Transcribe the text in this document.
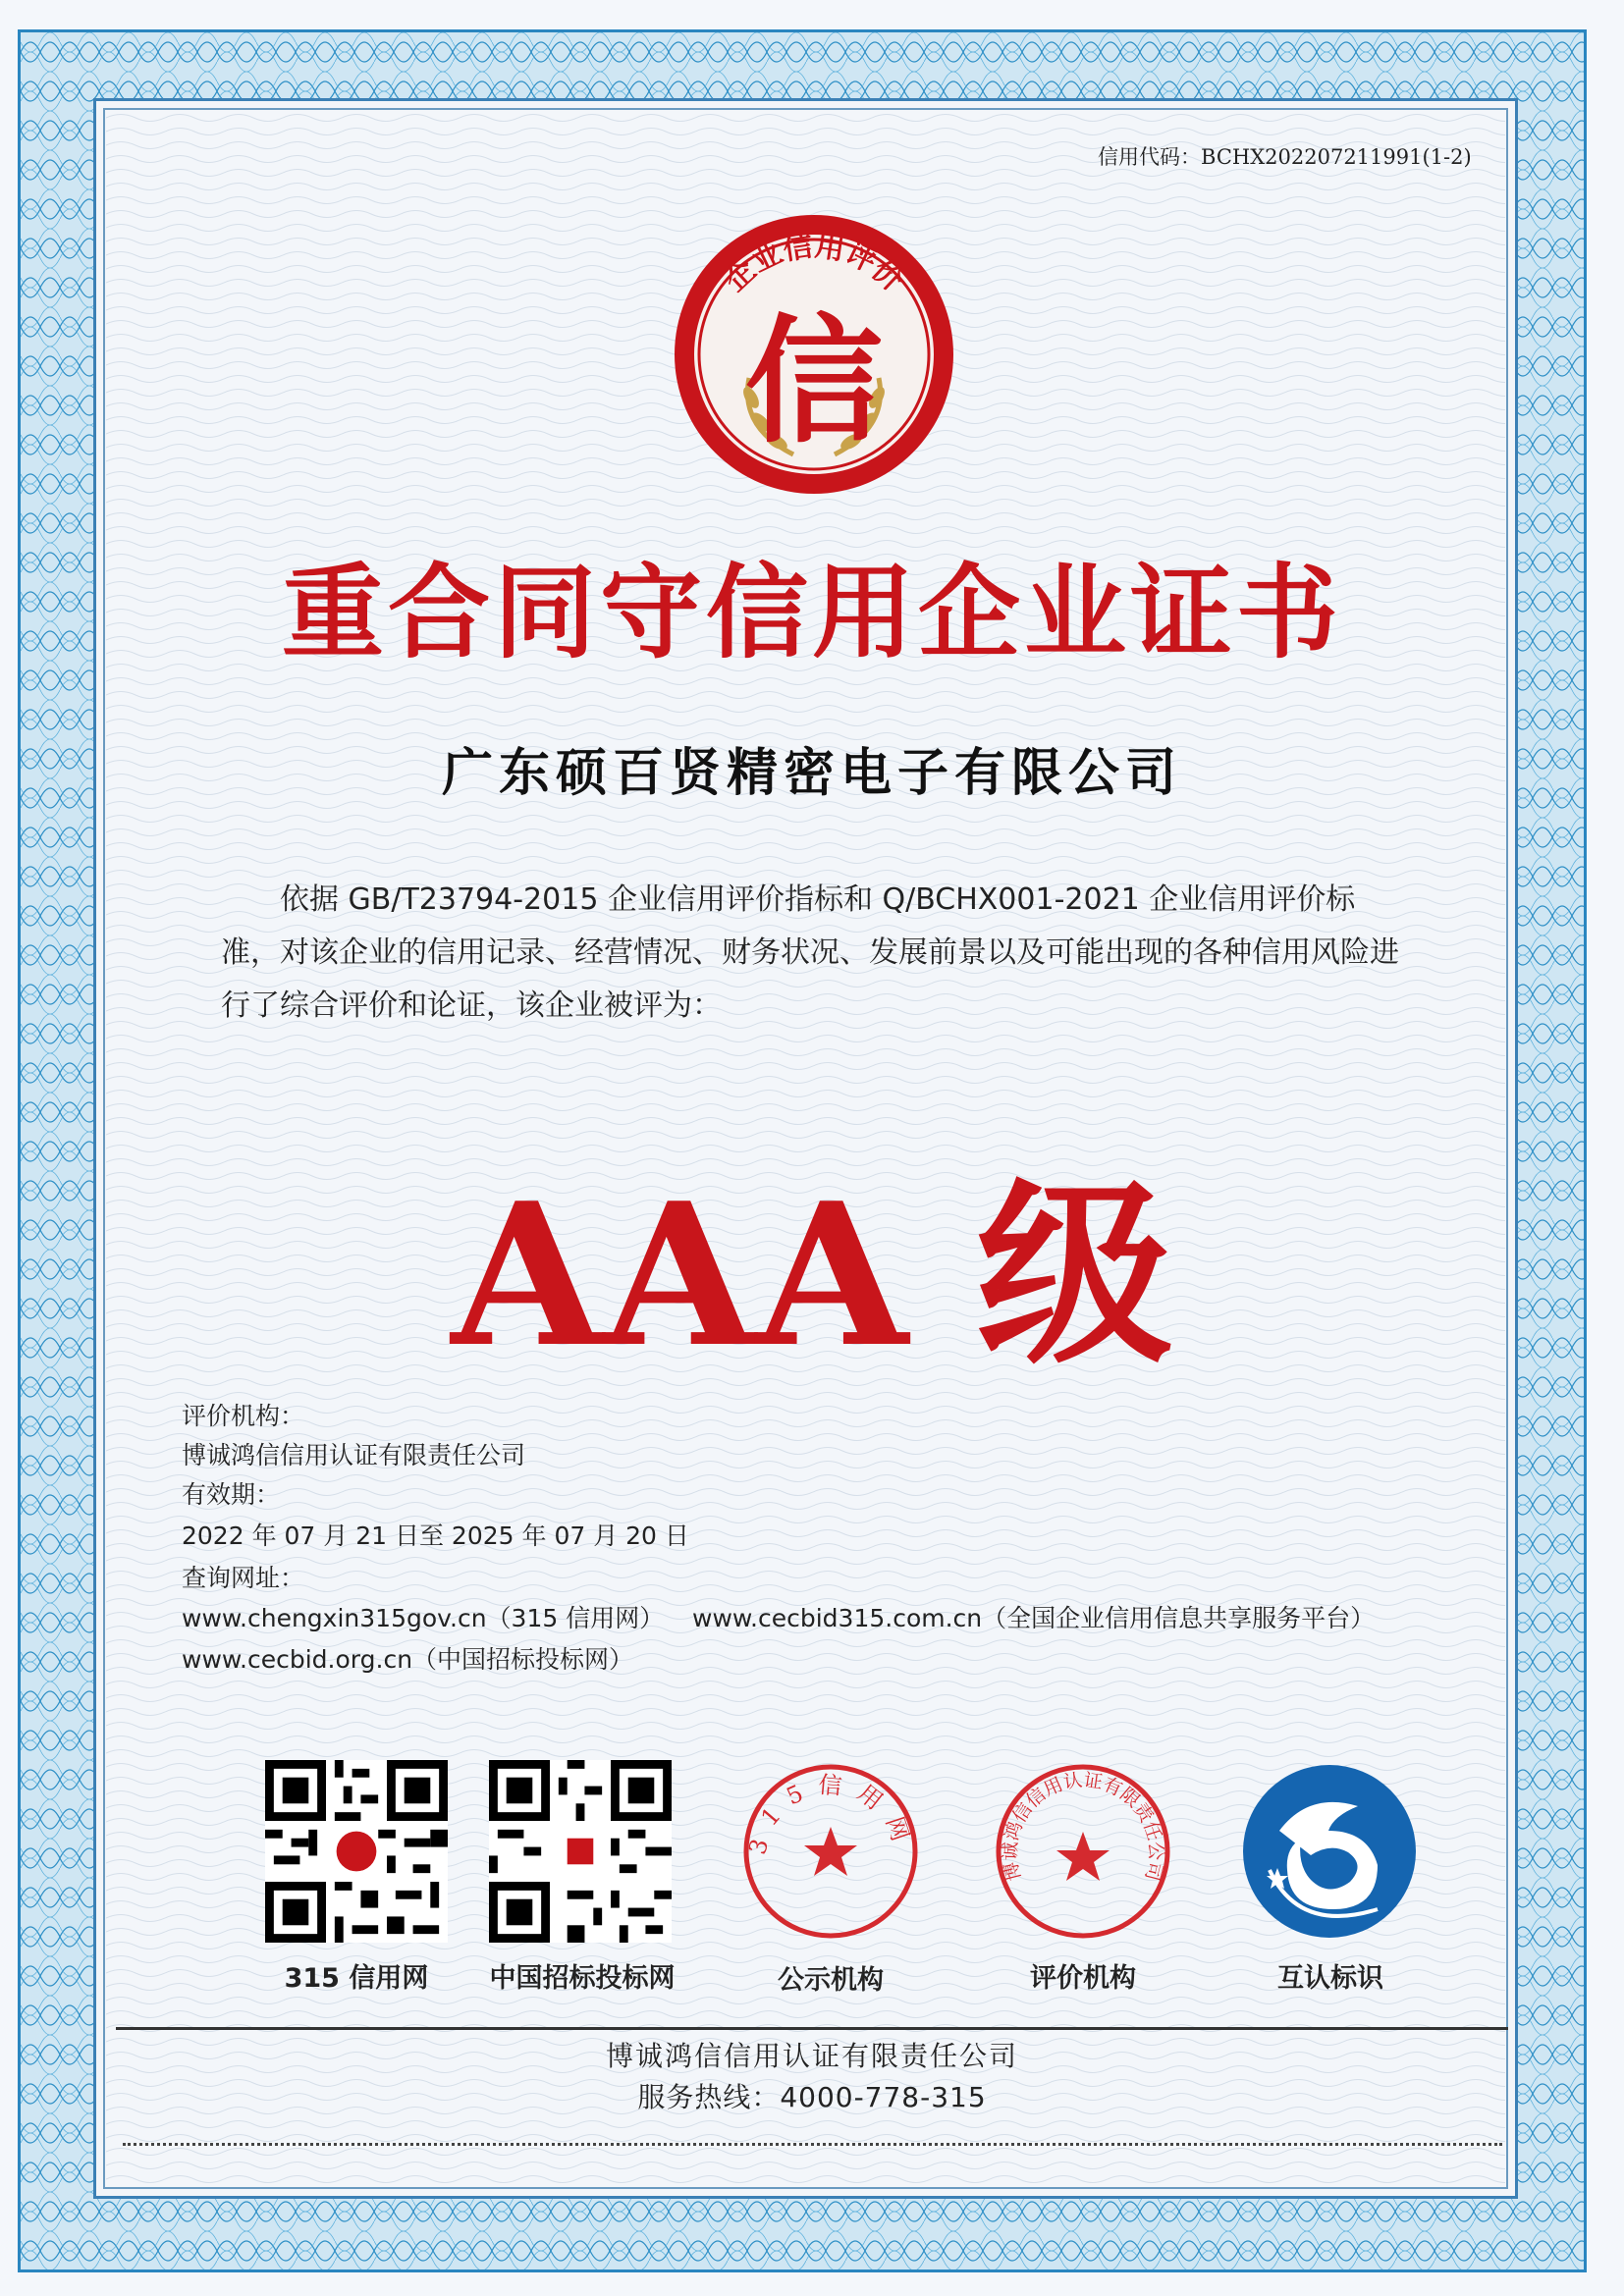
信用代码：BCHX202207211991(1-2)
企业信用评价
信
重合同守信用企业证书
广东硕百贤精密电子有限公司
依据 GB/T23794-2015 企业信用评价指标和 Q/BCHX001-2021 企业信用评价标准，对该企业的信用记录、经营情况、财务状况、发展前景以及可能出现的各种信用风险进行了综合评价和论证，该企业被评为：
AAA 级
评价机构：
博诚鸿信信用认证有限责任公司
有效期：
2022 年 07 月 21 日至 2025 年 07 月 20 日
查询网址：
www.chengxin315gov.cn（315 信用网） www.cecbid315.com.cn（全国企业信用信息共享服务平台）
www.cecbid.org.cn（中国招标投标网）
315信用网
博诚鸿信信用认证有限责任公司
315 信用网	中国招标投标网	公示机构	评价机构	互认标识
博诚鸿信信用认证有限责任公司
服务热线：4000-778-315
